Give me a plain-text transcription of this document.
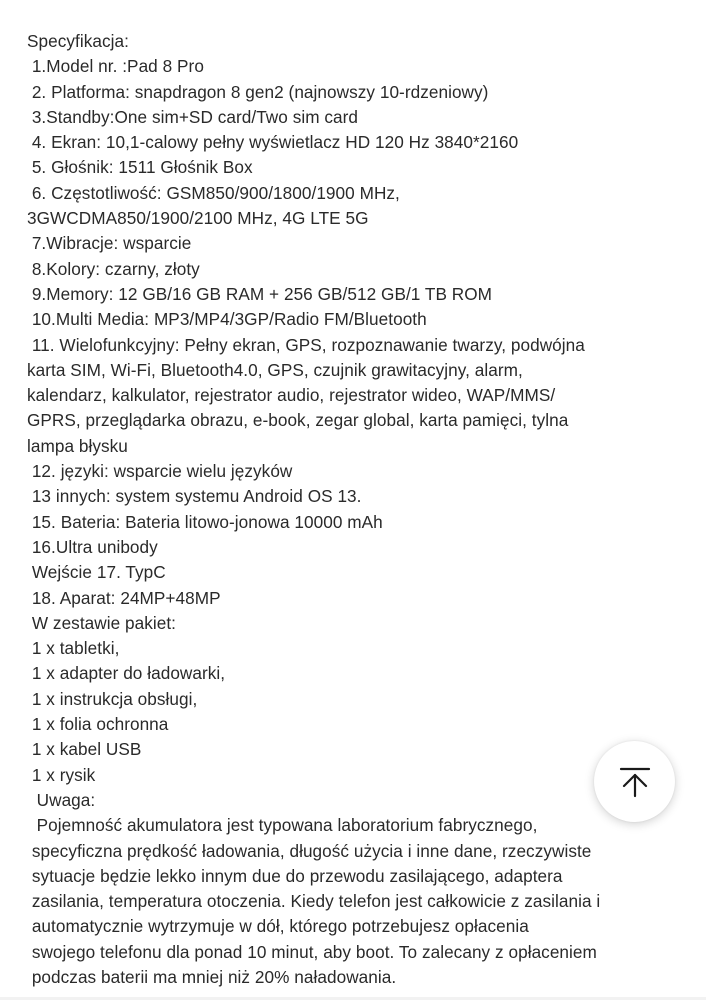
Specyfikacja:
1.Model nr. :Pad 8 Pro
2. Platforma: snapdragon 8 gen2 (najnowszy 10-rdzeniowy)
3.Standby:One sim+SD card/Two sim card
4. Ekran: 10,1-calowy pełny wyświetlacz HD 120 Hz 3840*2160
5. Głośnik: 1511 Głośnik Box
6. Częstotliwość: GSM850/900/1800/1900 MHz,
3GWCDMA850/1900/2100 MHz, 4G LTE 5G
7.Wibracje: wsparcie
8.Kolory: czarny, złoty
9.Memory: 12 GB/16 GB RAM + 256 GB/512 GB/1 TB ROM
10.Multi Media: MP3/MP4/3GP/Radio FM/Bluetooth
11. Wielofunkcyjny: Pełny ekran, GPS, rozpoznawanie twarzy, podwójna
karta SIM, Wi-Fi, Bluetooth4.0, GPS, czujnik grawitacyjny, alarm,
kalendarz, kalkulator, rejestrator audio, rejestrator wideo, WAP/MMS/
GPRS, przeglądarka obrazu, e-book, zegar global, karta pamięci, tylna
lampa błysku
12. języki: wsparcie wielu języków
13 innych: system systemu Android OS 13.
15. Bateria: Bateria litowo-jonowa 10000 mAh
16.Ultra unibody
Wejście 17. TypC
18. Aparat: 24MP+48MP
W zestawie pakiet:
1 x tabletki,
1 x adapter do ładowarki,
1 x instrukcja obsługi,
1 x folia ochronna
1 x kabel USB
1 x rysik
Uwaga:
Pojemność akumulatora jest typowana laboratorium fabrycznego,
specyficzna prędkość ładowania, długość użycia i inne dane, rzeczywiste
sytuacje będzie lekko innym due do przewodu zasilającego, adaptera
zasilania, temperatura otoczenia. Kiedy telefon jest całkowicie z zasilania i
automatycznie wytrzymuje w dół, którego potrzebujesz opłacenia
swojego telefonu dla ponad 10 minut, aby boot. To zalecany z opłaceniem
podczas baterii ma mniej niż 20% naładowania.
